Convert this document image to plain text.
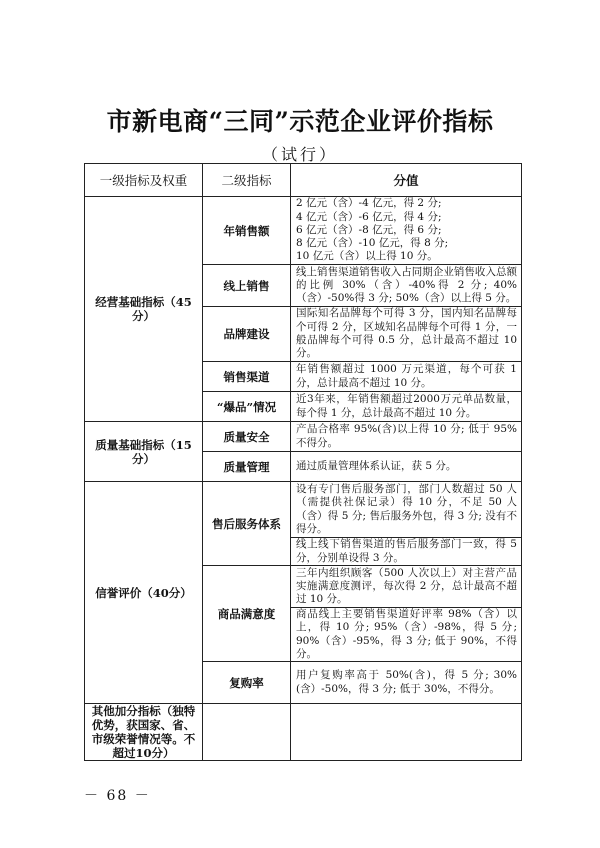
市新电商“三同”示范企业评价指标
（试行）
一级指标及权重	二级指标	分值
经营基础指标（45分）	年销售额	2 亿元（含）-4 亿元，得 2 分;
4 亿元（含）-6 亿元，得 4 分;
6 亿元（含）-8 亿元，得 6 分;
8 亿元（含）-10 亿元，得 8 分;
10 亿元（含）以上得 10 分。

	线上销售	线上销售渠道销售收入占同期企业销售收入总额的比例 30%（含）-40%得 2 分; 40%（含）-50%得 3 分; 50%（含）以上得 5 分。
	品牌建设	国际知名品牌每个可得 3 分，国内知名品牌每个可得 2 分，区域知名品牌每个可得 1 分，一般品牌每个可得 0.5 分，总计最高不超过 10 分。
	销售渠道	年销售额超过 1000 万元渠道，每个可获 1 分，总计最高不超过 10 分。
	“爆品”情况	近3年来，年销售额超过2000万元单品数量，每个得 1 分，总计最高不超过 10 分。
质量基础指标（15分）	质量安全	产品合格率 95%(含)以上得 10 分; 低于 95%不得分。
	质量管理	通过质量管理体系认证，获 5 分。
信誉评价（40分）	售后服务体系	设有专门售后服务部门，部门人数超过 50 人（需提供社保记录）得 10 分，不足 50 人（含）得 5 分; 售后服务外包，得 3 分; 没有不得分。
		线上线下销售渠道的售后服务部门一致，得 5 分，分别单设得 3 分。
	商品满意度	三年内组织顾客（500 人次以上）对主营产品实施满意度测评，每次得 2 分，总计最高不超过 10 分。
		商品线上主要销售渠道好评率 98%（含）以上，得 10 分; 95%（含）-98%，得 5 分; 90%（含）-95%，得 3 分; 低于 90%，不得分。
	复购率	用户复购率高于 50%(含)，得 5 分; 30%(含）-50%，得 3 分; 低于 30%，不得分。
其他加分指标（独特优势，获国家、省、市级荣誉情况等。不超过10分）		
－ 68 －
